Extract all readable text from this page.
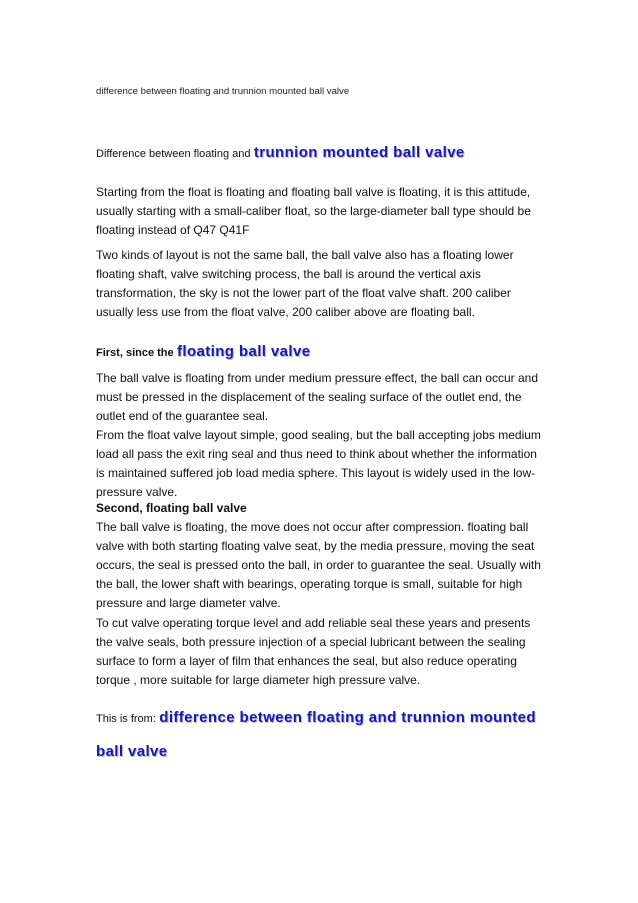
difference between floating and trunnion mounted ball valve
Difference between floating and trunnion mounted ball valve

Starting from the float is floating and floating ball valve is floating, it is this attitude, usually starting with a small-caliber float, so the large-diameter ball type should be floating instead of Q47 Q41F

Two kinds of layout is not the same ball, the ball valve also has a floating lower floating shaft, valve switching process, the ball is around the vertical axis transformation, the sky is not the lower part of the float valve shaft. 200 caliber usually less use from the float valve, 200 caliber above are floating ball.

First, since the floating ball valve

The ball valve is floating from under medium pressure effect, the ball can occur and must be pressed in the displacement of the sealing surface of the outlet end, the outlet end of the guarantee seal.

From the float valve layout simple, good sealing, but the ball accepting jobs medium load all pass the exit ring seal and thus need to think about whether the information is maintained suffered job load media sphere. This layout is widely used in the low-pressure valve.

Second, floating ball valve

The ball valve is floating, the move does not occur after compression. floating ball valve with both starting floating valve seat, by the media pressure, moving the seat occurs, the seal is pressed onto the ball, in order to guarantee the seal. Usually with the ball, the lower shaft with bearings, operating torque is small, suitable for high pressure and large diameter valve.

To cut valve operating torque level and add reliable seal these years and presents the valve seals, both pressure injection of a special lubricant between the sealing surface to form a layer of film that enhances the seal, but also reduce operating torque , more suitable for large diameter high pressure valve.

This is from: difference between floating and trunnion mounted
ball valve
